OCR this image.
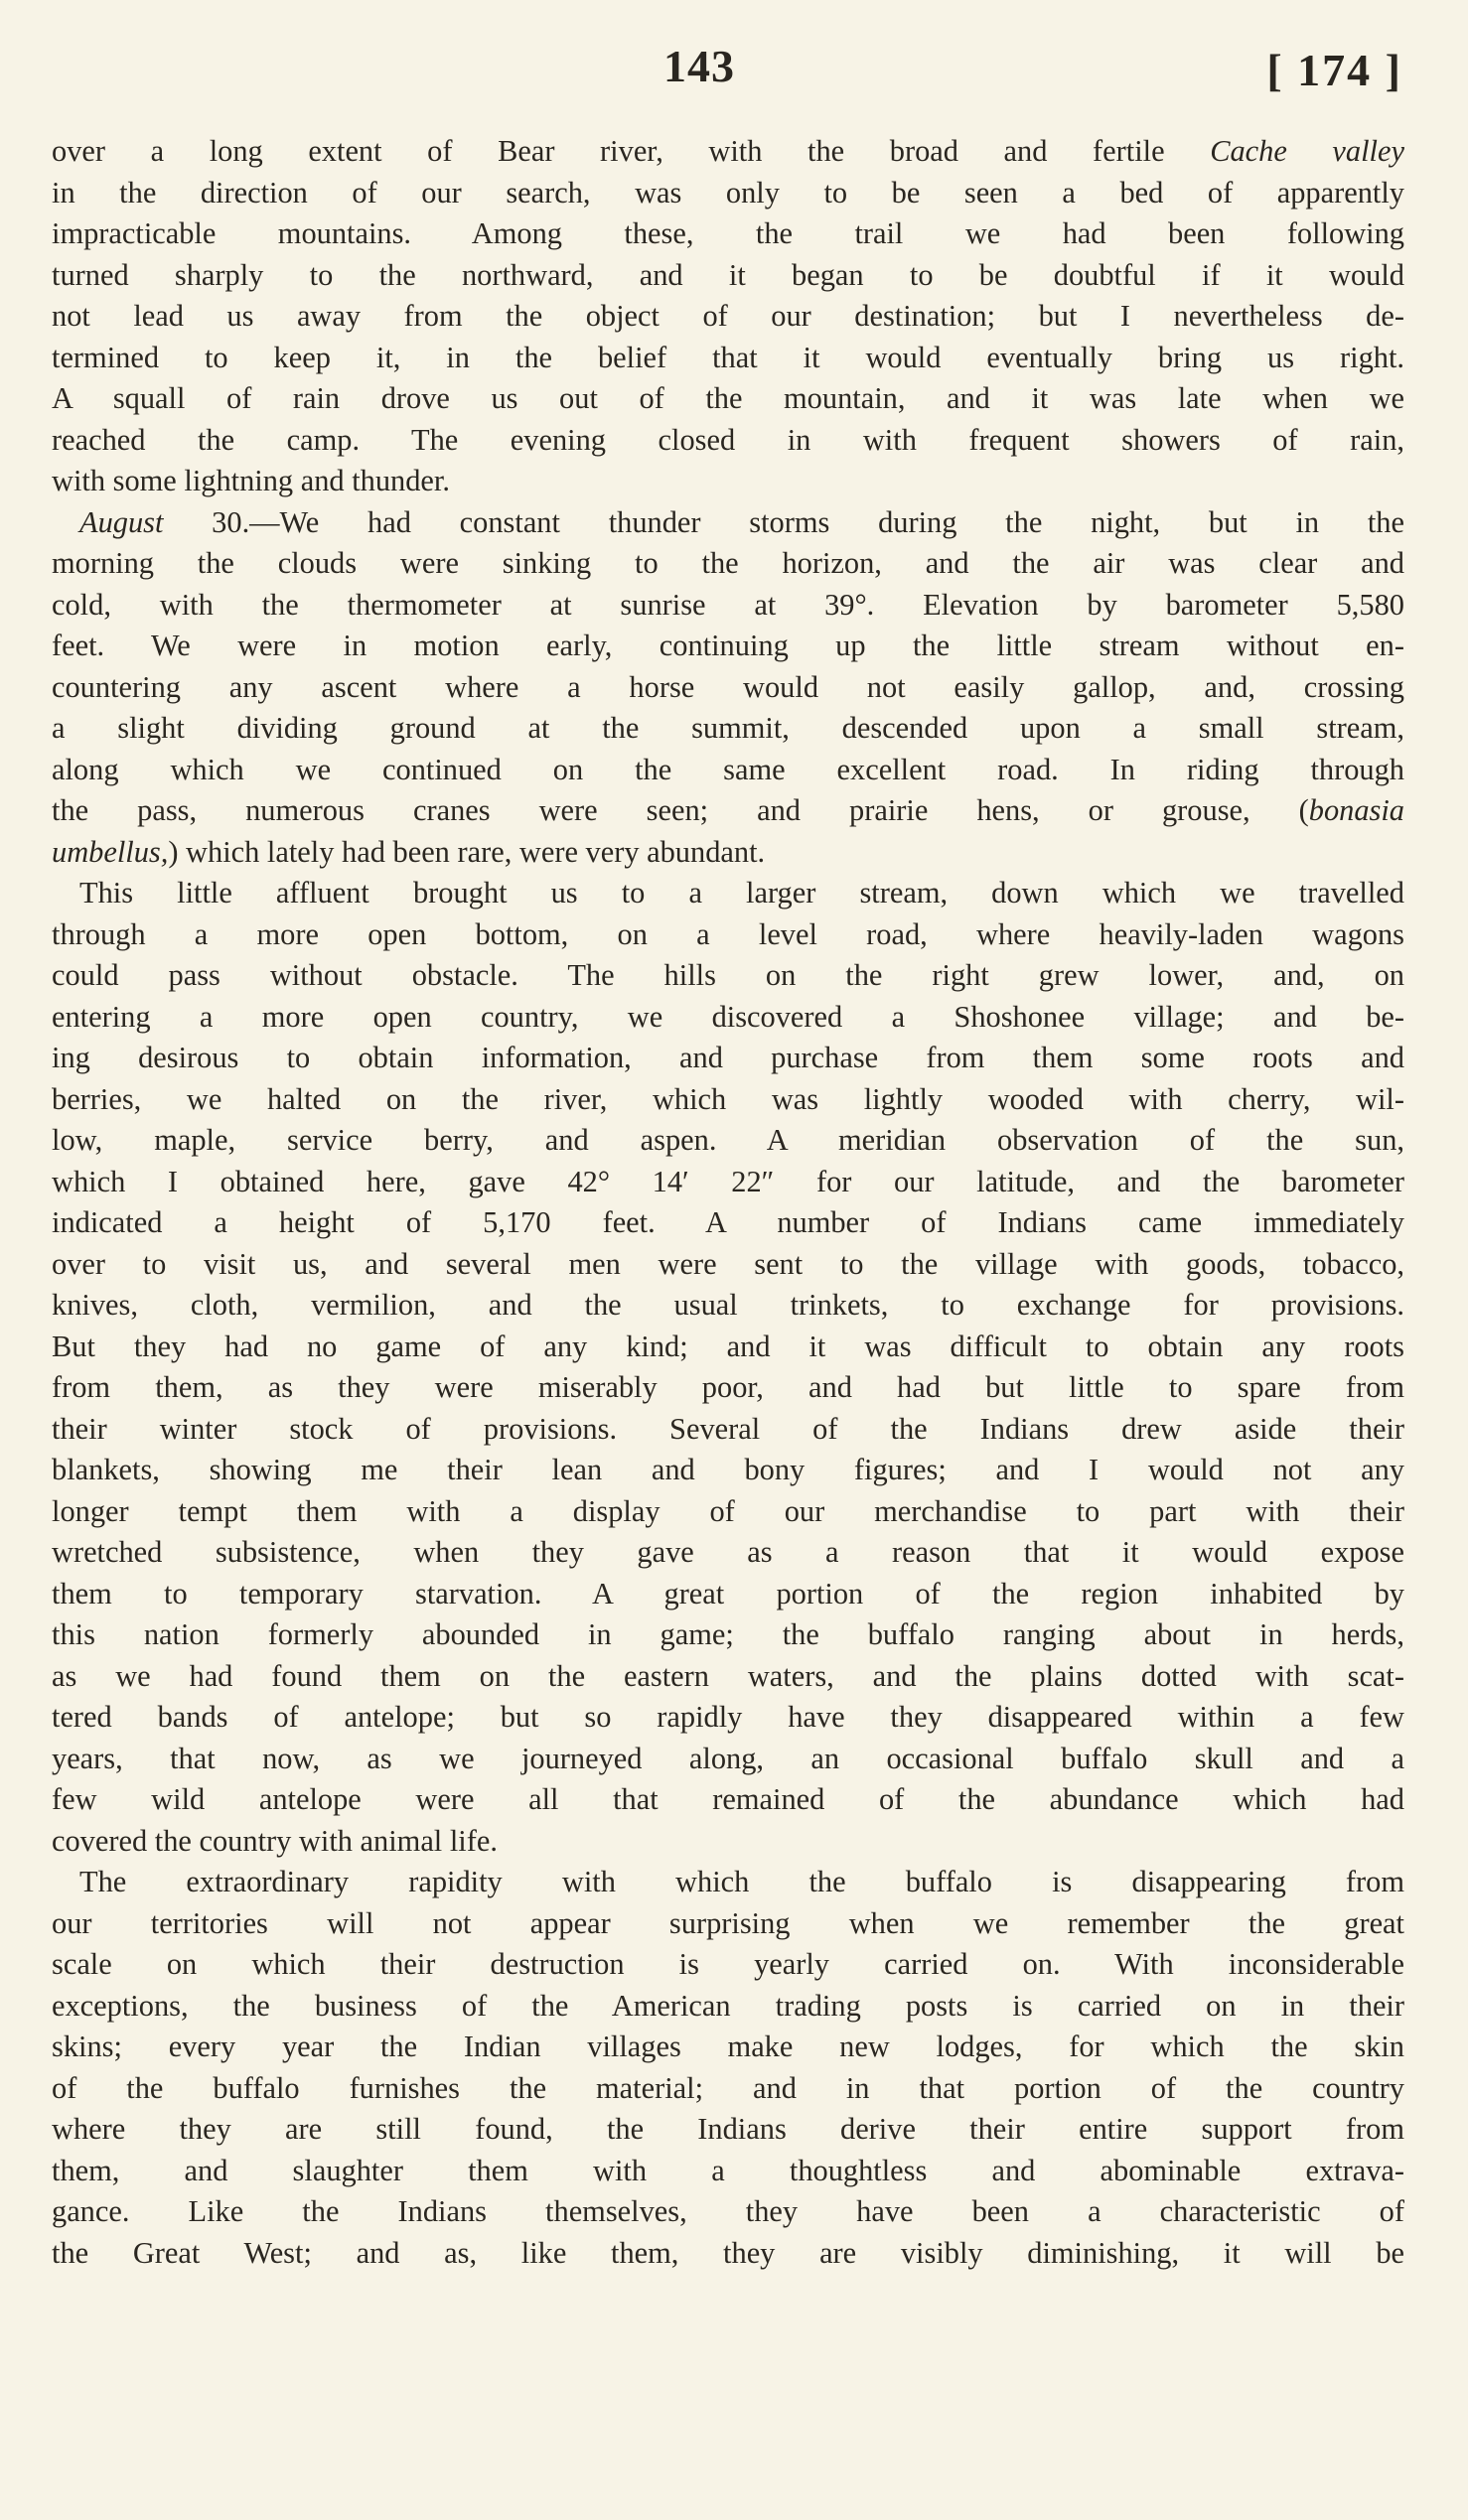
143	[ 174 ]
over a long extent of Bear river, with the broad and fertile Cache valley
in the direction of our search, was only to be seen a bed of apparently
impracticable mountains. Among these, the trail we had been following
turned sharply to the northward, and it began to be doubtful if it would
not lead us away from the object of our destination; but I nevertheless de-
termined to keep it, in the belief that it would eventually bring us right.
A squall of rain drove us out of the mountain, and it was late when we
reached the camp. The evening closed in with frequent showers of rain,
with some lightning and thunder.
August 30.—We had constant thunder storms during the night, but in the
morning the clouds were sinking to the horizon, and the air was clear and
cold, with the thermometer at sunrise at 39°. Elevation by barometer 5,580
feet. We were in motion early, continuing up the little stream without en-
countering any ascent where a horse would not easily gallop, and, crossing
a slight dividing ground at the summit, descended upon a small stream,
along which we continued on the same excellent road. In riding through
the pass, numerous cranes were seen; and prairie hens, or grouse, (bonasia
umbellus,) which lately had been rare, were very abundant.
This little affluent brought us to a larger stream, down which we travelled
through a more open bottom, on a level road, where heavily-laden wagons
could pass without obstacle. The hills on the right grew lower, and, on
entering a more open country, we discovered a Shoshonee village; and be-
ing desirous to obtain information, and purchase from them some roots and
berries, we halted on the river, which was lightly wooded with cherry, wil-
low, maple, service berry, and aspen. A meridian observation of the sun,
which I obtained here, gave 42° 14′ 22″ for our latitude, and the barometer
indicated a height of 5,170 feet. A number of Indians came immediately
over to visit us, and several men were sent to the village with goods, tobacco,
knives, cloth, vermilion, and the usual trinkets, to exchange for provisions.
But they had no game of any kind; and it was difficult to obtain any roots
from them, as they were miserably poor, and had but little to spare from
their winter stock of provisions. Several of the Indians drew aside their
blankets, showing me their lean and bony figures; and I would not any
longer tempt them with a display of our merchandise to part with their
wretched subsistence, when they gave as a reason that it would expose
them to temporary starvation. A great portion of the region inhabited by
this nation formerly abounded in game; the buffalo ranging about in herds,
as we had found them on the eastern waters, and the plains dotted with scat-
tered bands of antelope; but so rapidly have they disappeared within a few
years, that now, as we journeyed along, an occasional buffalo skull and a
few wild antelope were all that remained of the abundance which had
covered the country with animal life.
The extraordinary rapidity with which the buffalo is disappearing from
our territories will not appear surprising when we remember the great
scale on which their destruction is yearly carried on. With inconsiderable
exceptions, the business of the American trading posts is carried on in their
skins; every year the Indian villages make new lodges, for which the skin
of the buffalo furnishes the material; and in that portion of the country
where they are still found, the Indians derive their entire support from
them, and slaughter them with a thoughtless and abominable extrava-
gance. Like the Indians themselves, they have been a characteristic of
the Great West; and as, like them, they are visibly diminishing, it will be
